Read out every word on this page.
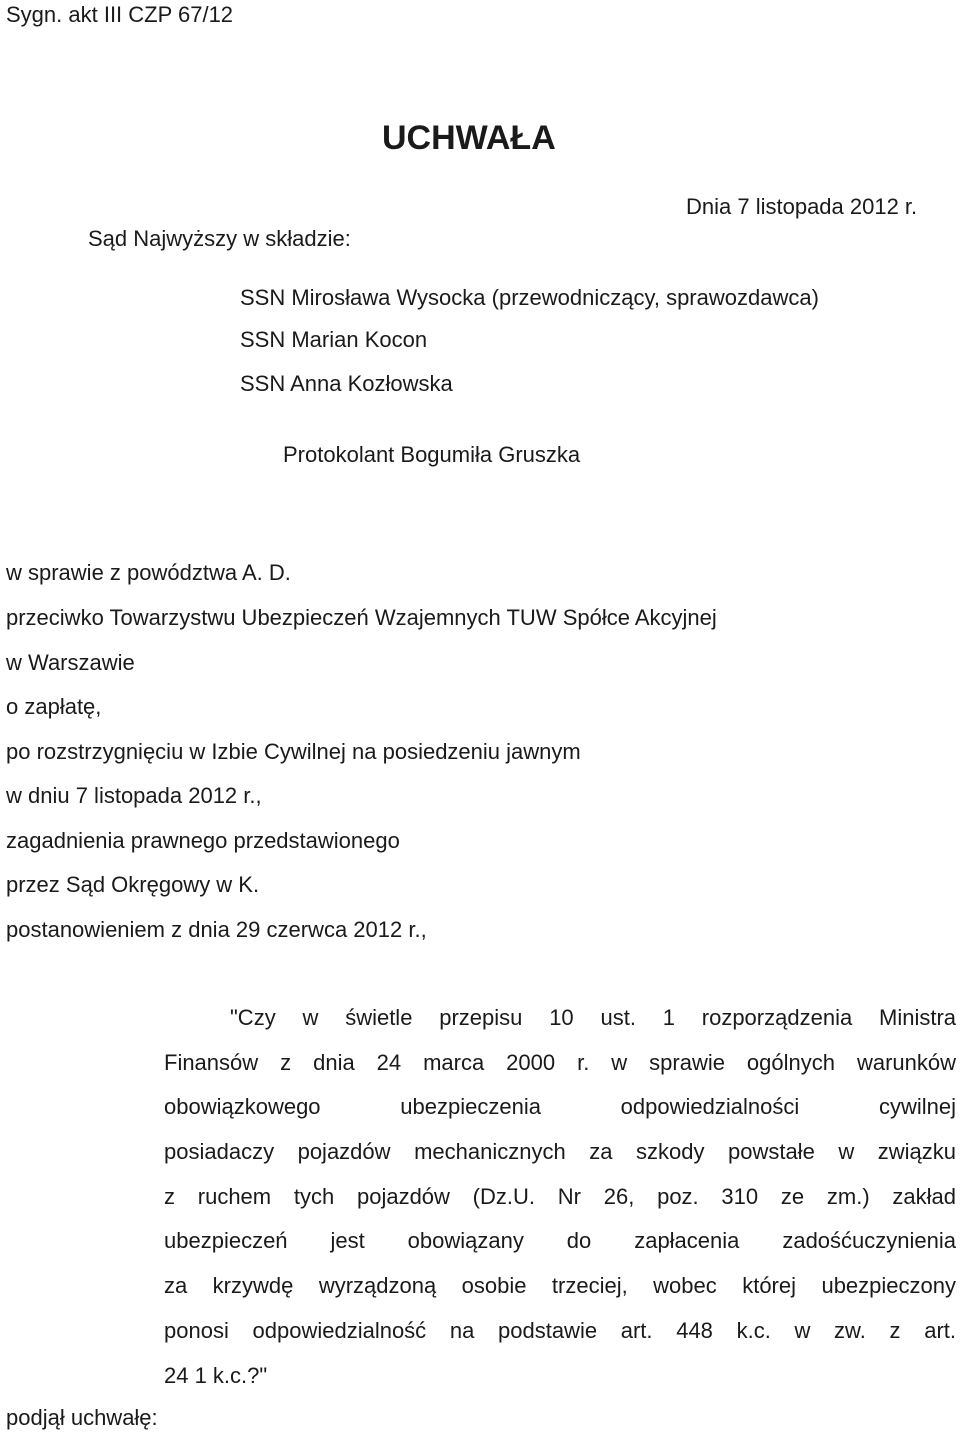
Sygn. akt III CZP 67/12
UCHWAŁA
Dnia 7 listopada 2012 r.
Sąd Najwyższy w składzie:
SSN Mirosława Wysocka (przewodniczący, sprawozdawca)
SSN Marian Kocon
SSN Anna Kozłowska
Protokolant Bogumiła Gruszka
w sprawie z powództwa A. D.
przeciwko Towarzystwu Ubezpieczeń Wzajemnych TUW Spółce Akcyjnej
w Warszawie
o zapłatę,
po rozstrzygnięciu w Izbie Cywilnej na posiedzeniu jawnym
w dniu 7 listopada 2012 r.,
zagadnienia prawnego przedstawionego
przez Sąd Okręgowy w K.
postanowieniem z dnia 29 czerwca 2012 r.,
"Czy w świetle przepisu 10 ust. 1 rozporządzenia Ministra
Finansów z dnia 24 marca 2000 r. w sprawie ogólnych warunków
obowiązkowego ubezpieczenia odpowiedzialności cywilnej
posiadaczy pojazdów mechanicznych za szkody powstałe w związku
z ruchem tych pojazdów (Dz.U. Nr 26, poz. 310 ze zm.) zakład
ubezpieczeń jest obowiązany do zapłacenia zadośćuczynienia
za krzywdę wyrządzoną osobie trzeciej, wobec której ubezpieczony
ponosi odpowiedzialność na podstawie art. 448 k.c. w zw. z art.
24 1 k.c.?"
podjął uchwałę:
